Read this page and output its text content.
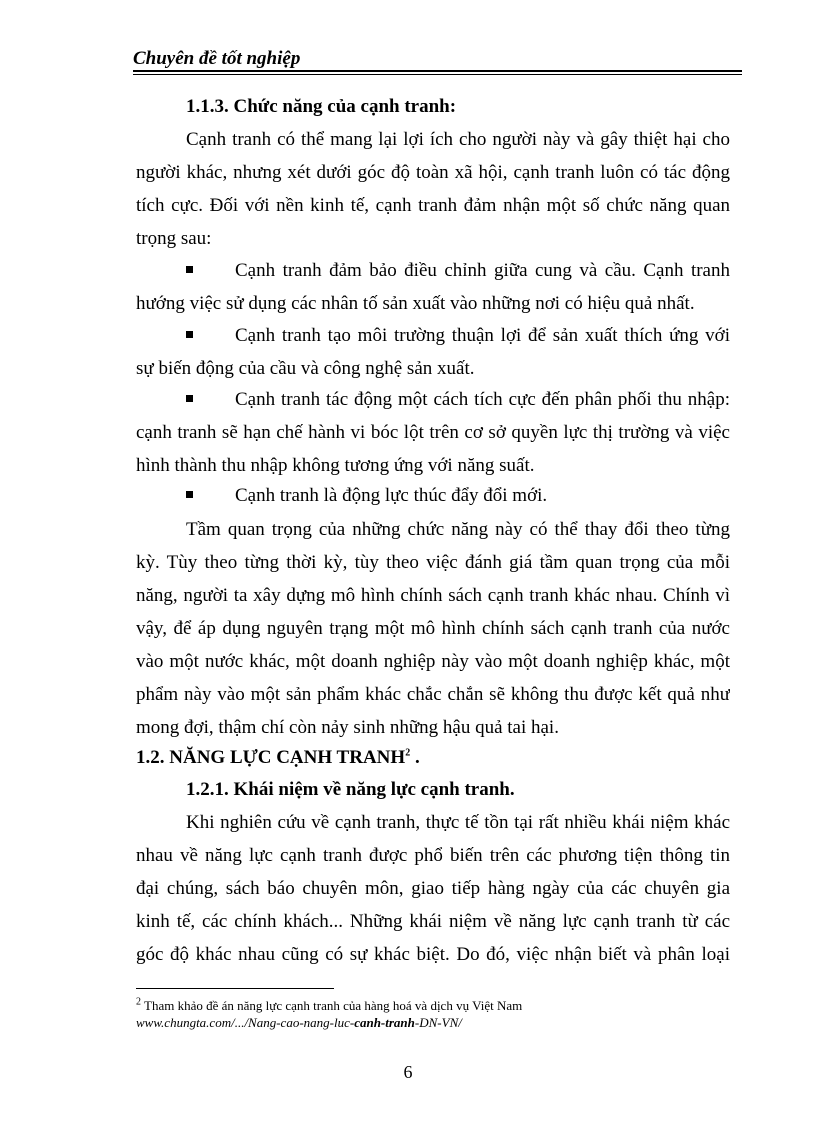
Chuyên đề tốt nghiệp
1.1.3. Chức năng của cạnh tranh:
Cạnh tranh có thể mang lại lợi ích cho người này và gây thiệt hại cho
người khác, nhưng xét dưới góc độ toàn xã hội, cạnh tranh luôn có tác động
tích cực. Đối với nền kinh tế, cạnh tranh đảm nhận một số chức năng quan
trọng sau:
Cạnh tranh đảm bảo điều chỉnh giữa cung và cầu. Cạnh tranh
hướng việc sử dụng các nhân tố sản xuất vào những nơi có hiệu quả nhất.
Cạnh tranh tạo môi trường thuận lợi để sản xuất thích ứng với
sự biến động của cầu và công nghệ sản xuất.
Cạnh tranh tác động một cách tích cực đến phân phối thu nhập:
cạnh tranh sẽ hạn chế hành vi bóc lột trên cơ sở quyền lực thị trường và việc
hình thành thu nhập không tương ứng với năng suất.
Cạnh tranh là động lực thúc đẩy đổi mới.
Tầm quan trọng của những chức năng này có thể thay đổi theo từng
kỳ. Tùy theo từng thời kỳ, tùy theo việc đánh giá tầm quan trọng của mỗi
năng, người ta xây dựng mô hình chính sách cạnh tranh khác nhau. Chính vì
vậy, để áp dụng nguyên trạng một mô hình chính sách cạnh tranh của nước
vào một nước khác, một doanh nghiệp này vào một doanh nghiệp khác, một
phẩm này vào một sản phẩm khác chắc chắn sẽ không thu được kết quả như
mong đợi, thậm chí còn nảy sinh những hậu quả tai hại.
1.2. NĂNG LỰC CẠNH TRANH$^2$ .
1.2.1. Khái niệm về năng lực cạnh tranh.
Khi nghiên cứu về cạnh tranh, thực tế tồn tại rất nhiều khái niệm khác
nhau về năng lực cạnh tranh được phổ biến trên các phương tiện thông tin
đại chúng, sách báo chuyên môn, giao tiếp hàng ngày của các chuyên gia
kinh tế, các chính khách... Những khái niệm về năng lực cạnh tranh từ các
góc độ khác nhau cũng có sự khác biệt. Do đó, việc nhận biết và phân loại
$^2$ Tham khảo đề án năng lực cạnh tranh của hàng hoá và dịch vụ Việt Nam
www.chungta.com/.../Nang-cao-nang-luc-canh-tranh-DN-VN/
6
